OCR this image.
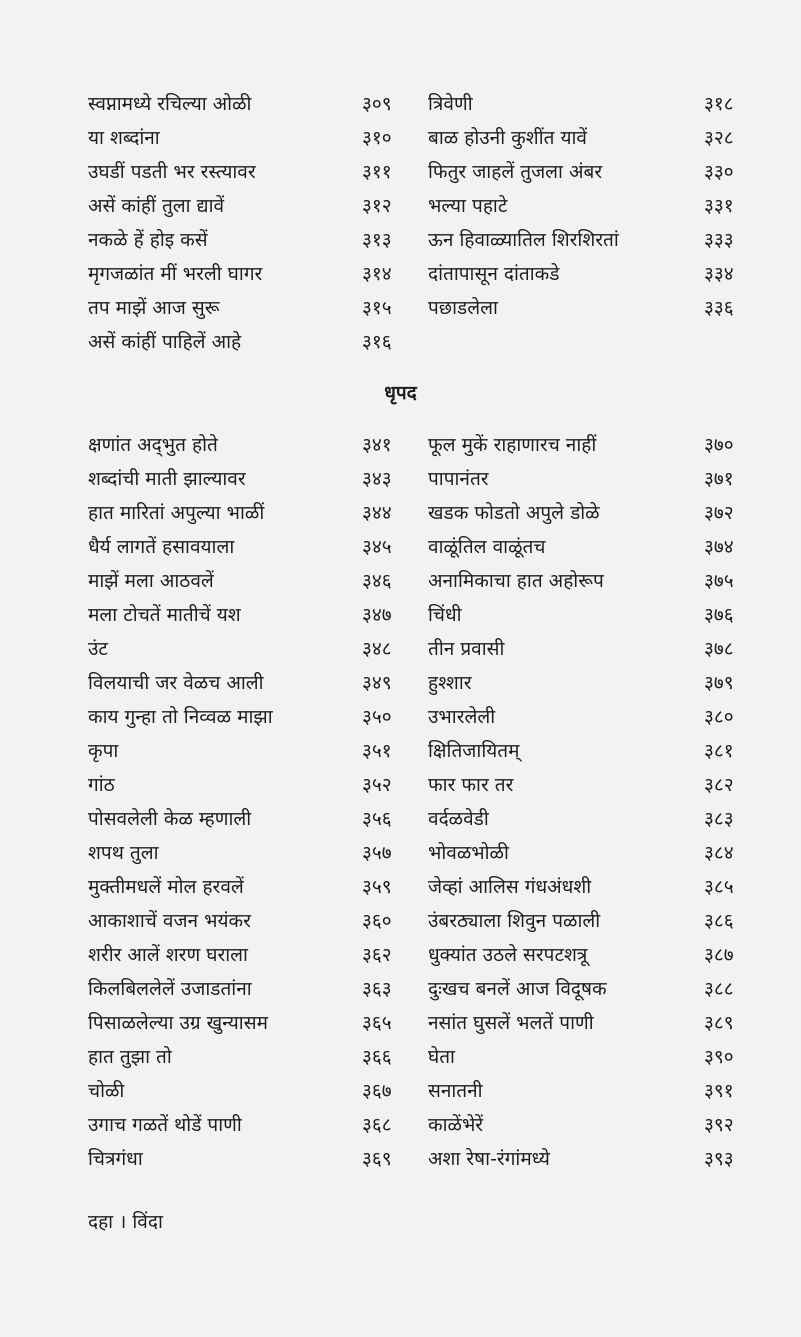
स्वप्नामध्ये रचिल्या ओळी	३०९ त्रिवेणी	३१८
या शब्दांना	३१० बाळ होउनी कुशींत यावें	३२८
उघडीं पडती भर रस्त्यावर	३११ फितुर जाहलें तुजला अंबर	३३०
असें कांहीं तुला द्यावें	३१२ भल्या पहाटे	३३१
नकळे हें होइ कसें	३१३ ऊन हिवाळ्यातिल शिरशिरतां	३३३
मृगजळांत मीं भरली घागर	३१४ दांतापासून दांताकडे	३३४
तप माझें आज सुरू	३१५ पछाडलेला	३३६
असें कांहीं पाहिलें आहे	३१६
धृपद
क्षणांत अद्‌भुत होते	३४१ फूल मुकें राहाणारच नाहीं	३७०
शब्दांची माती झाल्यावर	३४३ पापानंतर	३७१
हात मारितां अपुल्या भाळीं	३४४ खडक फोडतो अपुले डोळे	३७२
धैर्य लागतें हसावयाला	३४५ वाळूंतिल वाळूंतच	३७४
माझें मला आठवलें	३४६ अनामिकाचा हात अहोरूप	३७५
मला टोचतें मातीचें यश	३४७ चिंधी	३७६
उंट	३४८ तीन प्रवासी	३७८
विलयाची जर वेळच आली	३४९ हुश्शार	३७९
काय गुन्हा तो निव्वळ माझा	३५० उभारलेली	३८०
कृपा	३५१ क्षितिजायितम्	३८१
गांठ	३५२ फार फार तर	३८२
पोसवलेली केळ म्हणाली	३५६ वर्दळवेडी	३८३
शपथ तुला	३५७ भोवळभोळी	३८४
मुक्तीमधलें मोल हरवलें	३५९ जेव्हां आलिस गंधअंधशी	३८५
आकाशाचें वजन भयंकर	३६० उंबरठ्याला शिवुन पळाली	३८६
शरीर आलें शरण घराला	३६२ धुक्यांत उठले सरपटशत्रू	३८७
किलबिललेलें उजाडतांना	३६३ दुःखच बनलें आज विदूषक	३८८
पिसाळलेल्या उग्र खुन्यासम	३६५ नसांत घुसलें भलतें पाणी	३८९
हात तुझा तो	३६६ घेता	३९०
चोळी	३६७ सनातनी	३९१
उगाच गळतें थोडें पाणी	३६८ काळेंभेरें	३९२
चित्रगंधा	३६९ अशा रेषा-रंगांमध्ये	३९३
दहा । विंदा
